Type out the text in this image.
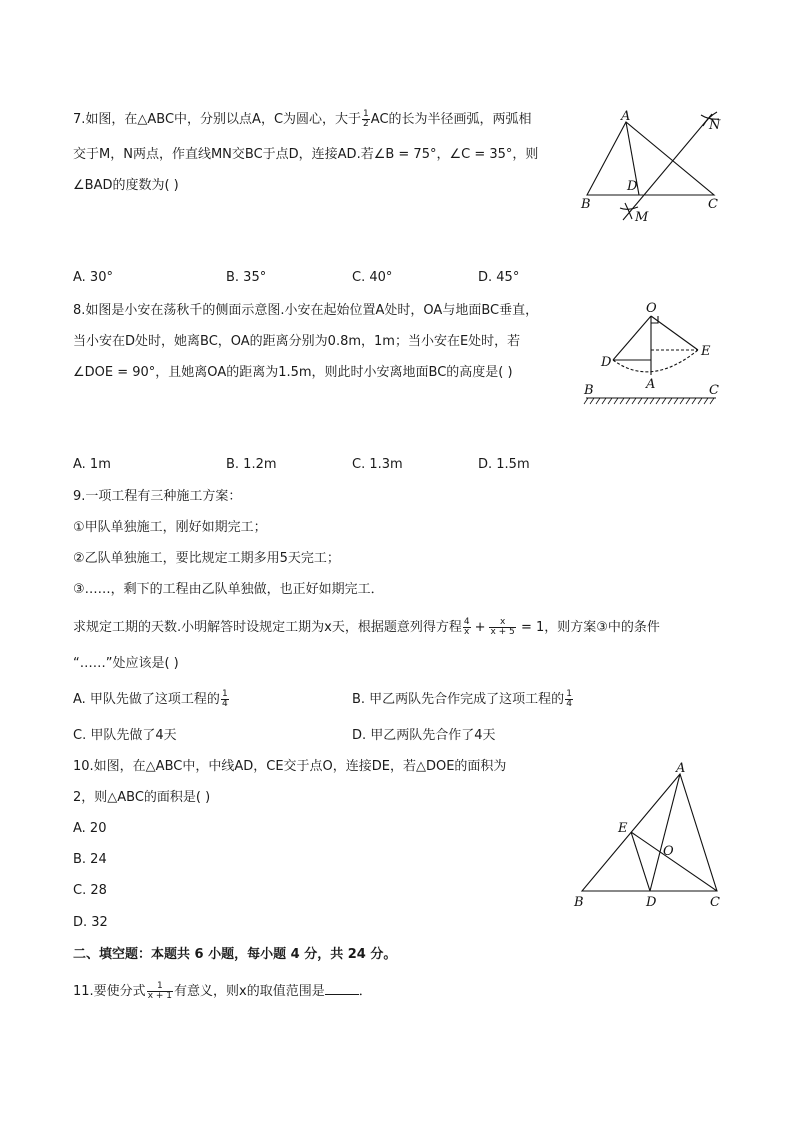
7.如图，在△ABC中，分别以点A，C为圆心，大于 $\frac{1}{2}$ AC的长为半径画弧，两弧相
交于M，N两点，作直线MN交BC于点D，连接AD.若∠B = 75°，∠C = 35°，则
∠BAD的度数为( )
A
B	C
D
M
N
A. 30°	B. 35°	C. 40°	D. 45°
8.如图是小安在荡秋千的侧面示意图.小安在起始位置A处时，OA与地面BC垂直，
当小安在D处时，她离BC，OA的距离分别为0.8m，1m；当小安在E处时，若
∠DOE = 90°，且她离OA的距离为1.5m，则此时小安离地面BC的高度是( )
O
D
E
A
B	C
A. 1m	B. 1.2m	C. 1.3m	D. 1.5m
9.一项工程有三种施工方案：
①甲队单独施工，刚好如期完工；
②乙队单独施工，要比规定工期多用5天完工；
③……，剩下的工程由乙队单独做，也正好如期完工．
求规定工期的天数.小明解答时设规定工期为x天，根据题意列得方程 $\frac{4}{x} + \frac{x}{x + 5} = 1$，则方案③中的条件
“……”处应该是( )
A. 甲队先做了这项工程的 $\frac{1}{4}$	B. 甲乙两队先合作完成了这项工程的 $\frac{1}{4}$
C. 甲队先做了4天	D. 甲乙两队先合作了4天
10.如图，在△ABC中，中线AD，CE交于点O，连接DE，若△DOE的面积为
2，则△ABC的面积是( )
A. 20
B. 24
C. 28
D. 32
A
B	C
D
E
O
二、填空题：本题共 6 小题，每小题 4 分，共 24 分。
11.要使分式 $\frac{1}{x + 1}$ 有意义，则x的取值范围是	．
